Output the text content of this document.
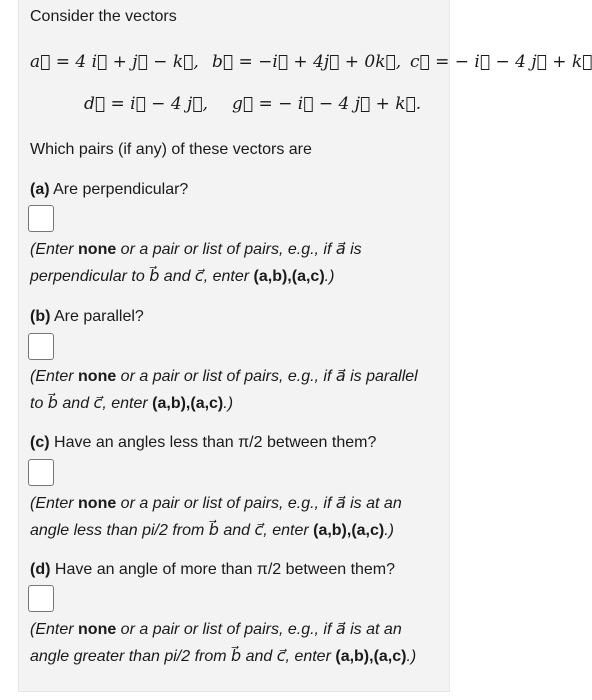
Consider the vectors
a⃗ = 4 i⃗ + j⃗ − k⃗, b⃗ = −i⃗ + 4j⃗ + 0k⃗, c⃗ = − i⃗ − 4 j⃗ + k⃗
d⃗ = i⃗ − 4 j⃗, g⃗ = − i⃗ − 4 j⃗ + k⃗.
Which pairs (if any) of these vectors are
(a) Are perpendicular?
(Enter none or a pair or list of pairs, e.g., if a⃗ is
perpendicular to b⃗ and c⃗, enter (a,b),(a,c).)
(b) Are parallel?
(Enter none or a pair or list of pairs, e.g., if a⃗ is parallel
to b⃗ and c⃗, enter (a,b),(a,c).)
(c) Have an angles less than π/2 between them?
(Enter none or a pair or list of pairs, e.g., if a⃗ is at an
angle less than pi/2 from b⃗ and c⃗, enter (a,b),(a,c).)
(d) Have an angle of more than π/2 between them?
(Enter none or a pair or list of pairs, e.g., if a⃗ is at an
angle greater than pi/2 from b⃗ and c⃗, enter (a,b),(a,c).)
